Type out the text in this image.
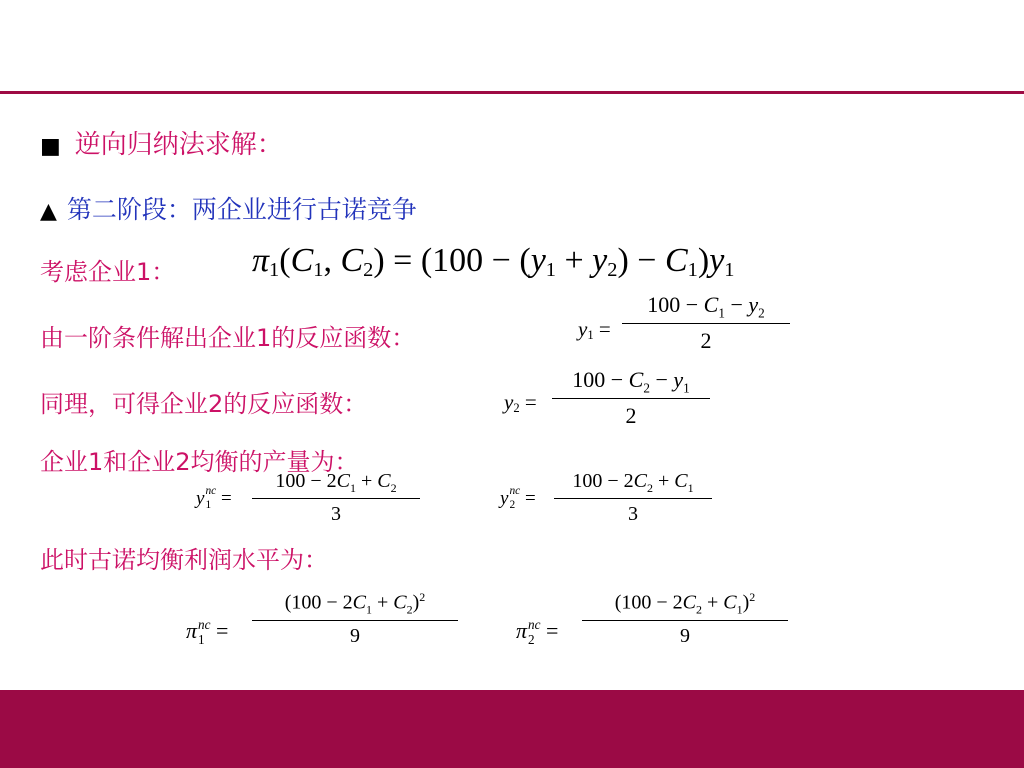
■ 逆向归纳法求解：
▲ 第二阶段：两企业进行古诺竞争
考虑企业1： $\pi_1(C_1$, $C_2) = (100 - (y_1 + y_2) - C_1)y_1$
由一阶条件解出企业1的反应函数：	$y_1 = \frac{100 - C_1 - y_2}{2}$
同理，可得企业2的反应函数：	$y_2 = \frac{100 - C_2 - y_1}{2}$
企业1和企业2均衡的产量为：
y nc
$1 = \frac{100 - 2C_1 + C_2}{3}$	y nc
$2 = \frac{100 - 2C_2 + C_1}{3}$
此时古诺均衡利润水平为：
π nc
$1 = \frac{(100 - 2C_1 + C_2)^2}{9}$	π nc
$2 = \frac{(100 - 2C_2 + C_1)^2}{9}$
